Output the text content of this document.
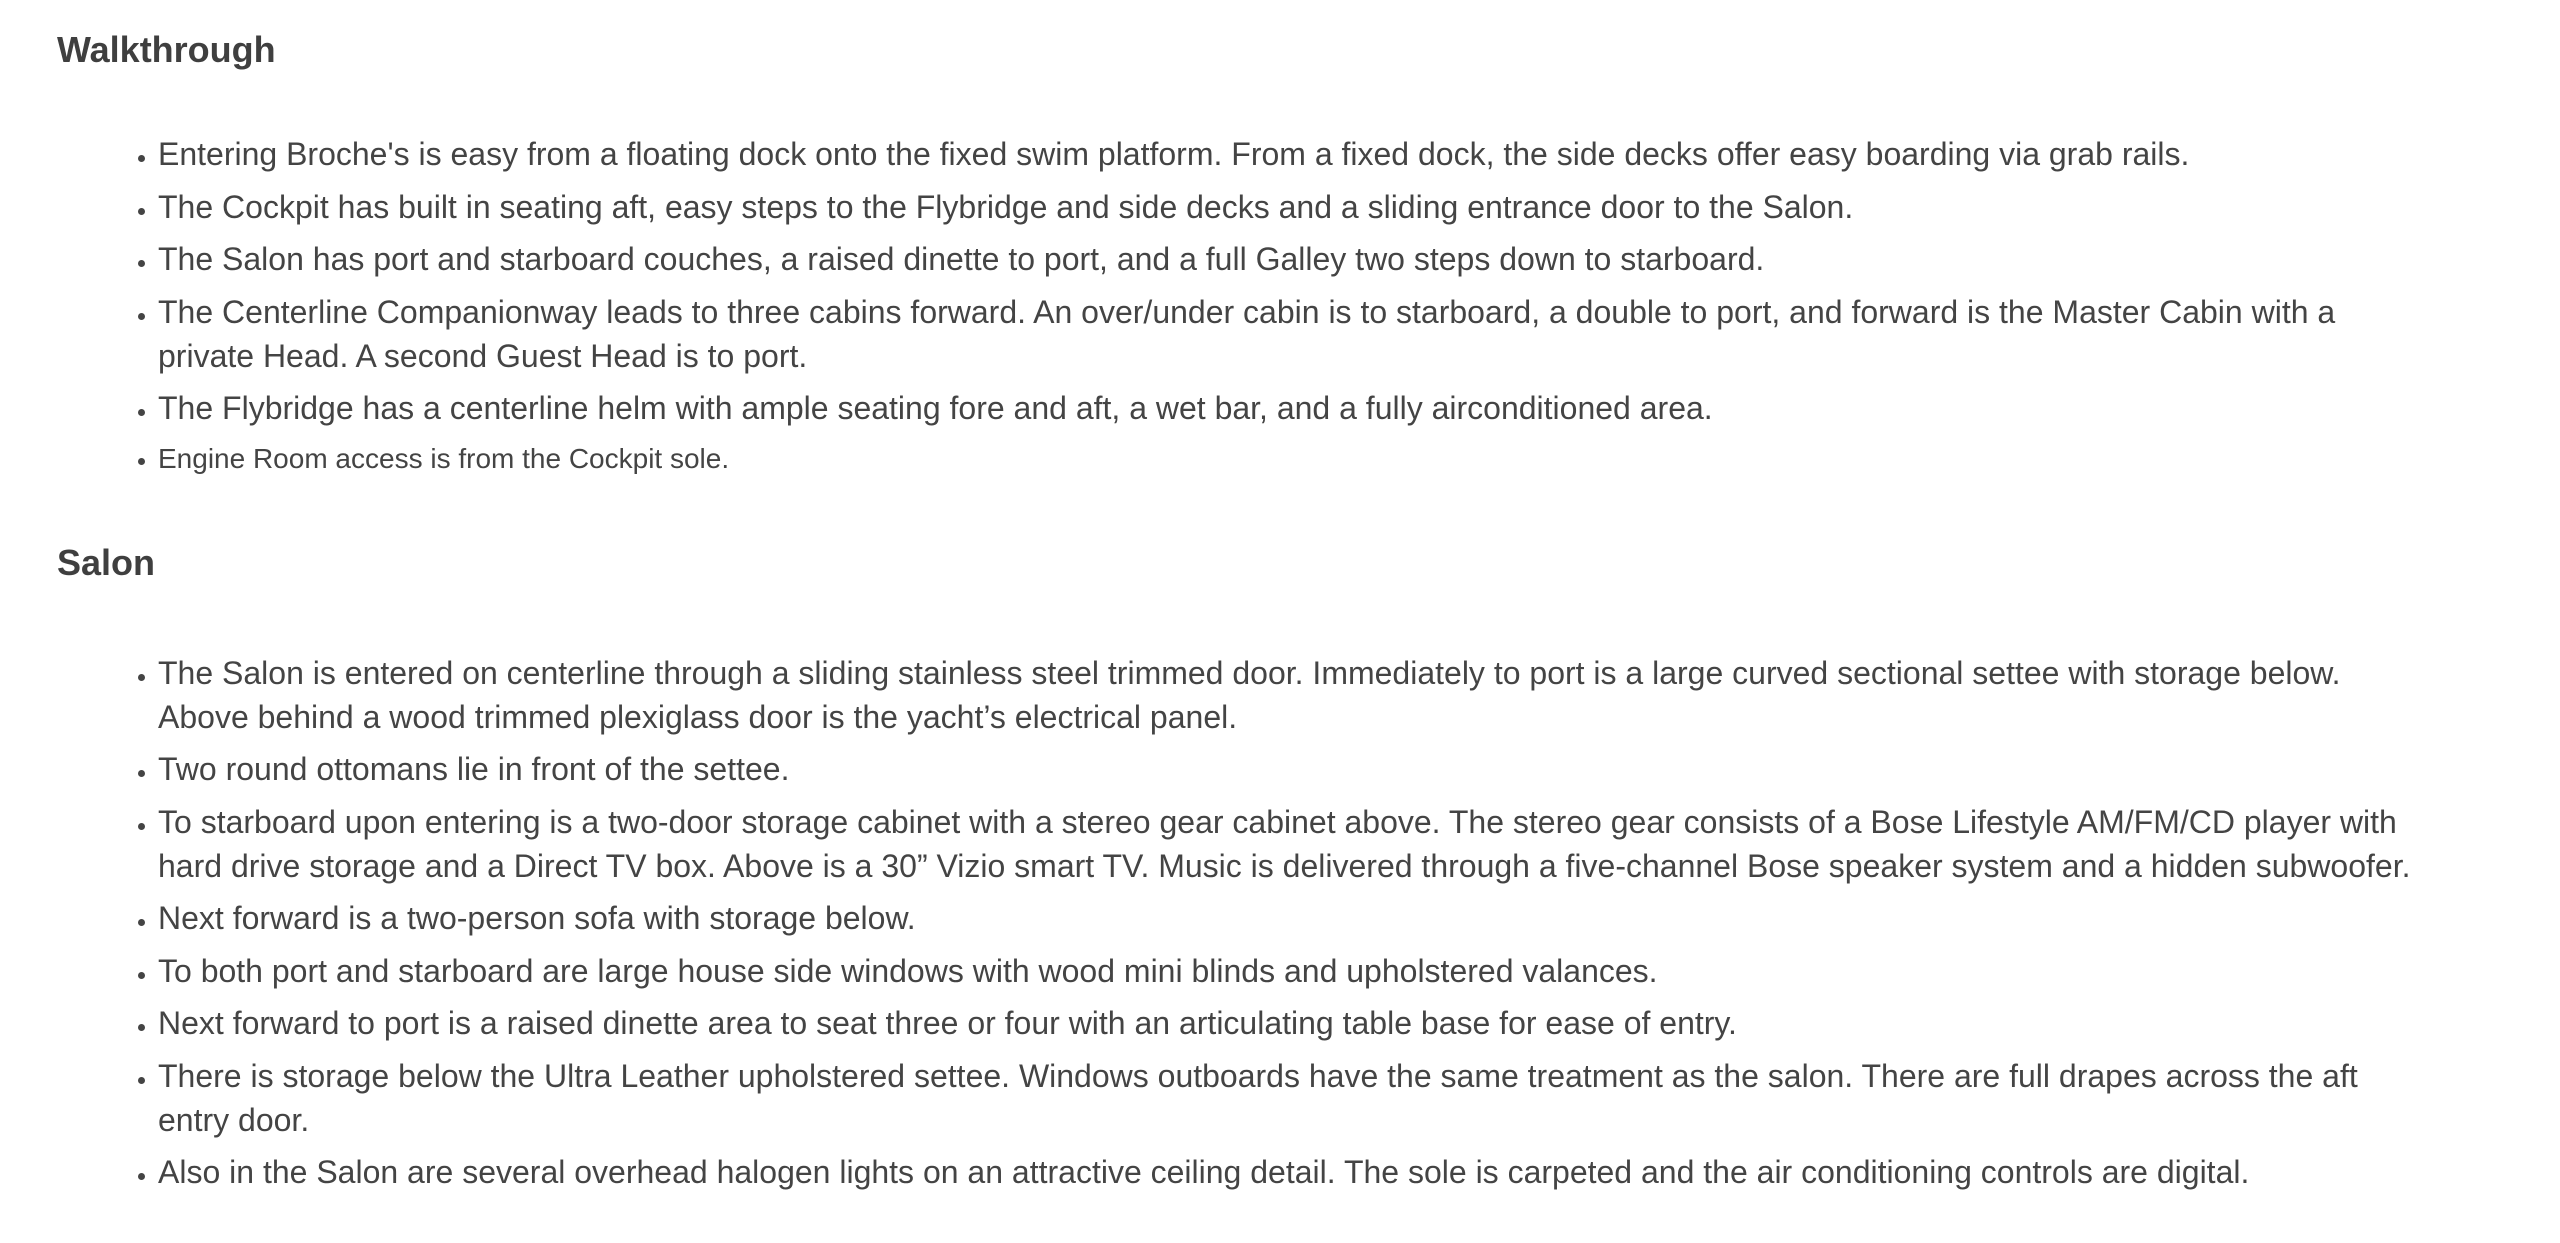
Walkthrough
• Entering Broche's is easy from a floating dock onto the fixed swim platform. From a fixed dock, the side decks offer easy boarding via grab rails.
• The Cockpit has built in seating aft, easy steps to the Flybridge and side decks and a sliding entrance door to the Salon.
• The Salon has port and starboard couches, a raised dinette to port, and a full Galley two steps down to starboard.
• The Centerline Companionway leads to three cabins forward. An over/under cabin is to starboard, a double to port, and forward is the Master Cabin with a private Head. A second Guest Head is to port.
• The Flybridge has a centerline helm with ample seating fore and aft, a wet bar, and a fully airconditioned area.
• Engine Room access is from the Cockpit sole.
Salon
• The Salon is entered on centerline through a sliding stainless steel trimmed door. Immediately to port is a large curved sectional settee with storage below. Above behind a wood trimmed plexiglass door is the yacht’s electrical panel.
• Two round ottomans lie in front of the settee.
• To starboard upon entering is a two-door storage cabinet with a stereo gear cabinet above. The stereo gear consists of a Bose Lifestyle AM/FM/CD player with hard drive storage and a Direct TV box. Above is a 30” Vizio smart TV. Music is delivered through a five-channel Bose speaker system and a hidden subwoofer.
• Next forward is a two-person sofa with storage below.
• To both port and starboard are large house side windows with wood mini blinds and upholstered valances.
• Next forward to port is a raised dinette area to seat three or four with an articulating table base for ease of entry.
• There is storage below the Ultra Leather upholstered settee. Windows outboards have the same treatment as the salon. There are full drapes across the aft entry door.
• Also in the Salon are several overhead halogen lights on an attractive ceiling detail. The sole is carpeted and the air conditioning controls are digital.
